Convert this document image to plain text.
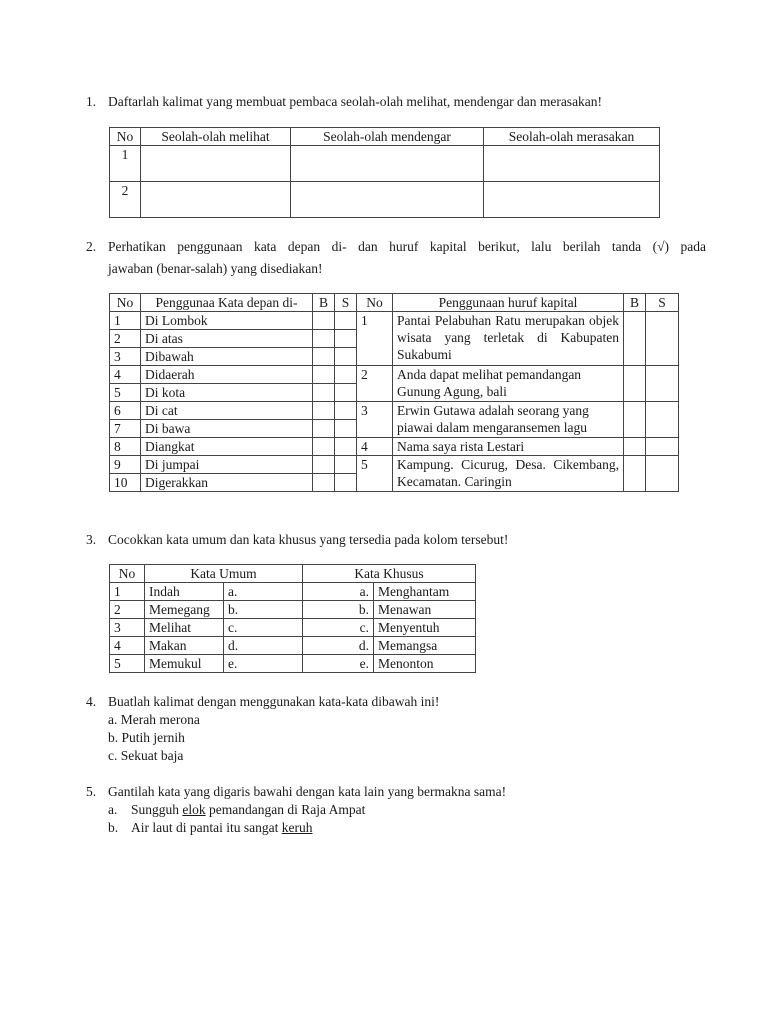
1. Daftarlah kalimat yang membuat pembaca seolah-olah melihat, mendengar dan merasakan!
No	Seolah-olah melihat	Seolah-olah mendengar	Seolah-olah merasakan
1			
2			
2. Perhatikan penggunaan kata depan di- dan huruf kapital berikut, lalu berilah tanda (√) pada
jawaban (benar-salah) yang disediakan!
No	Penggunaa Kata depan di-	B	S	No	Penggunaan huruf kapital	B	S
1	Di Lombok			1	Pantai Pelabuhan Ratu merupakan objek wisata yang terletak di Kabupaten Sukabumi		
2	Di atas						
3	Dibawah						
4	Didaerah			2	Anda dapat melihat pemandangan Gunung Agung, bali		
5	Di kota						
6	Di cat			3	Erwin Gutawa adalah seorang yang piawai dalam mengaransemen lagu		
7	Di bawa						
8	Diangkat			4	Nama saya rista Lestari		
9	Di jumpai			5	Kampung. Cicurug, Desa. Cikembang, Kecamatan. Caringin		
10	Digerakkan						
3. Cocokkan kata umum dan kata khusus yang tersedia pada kolom tersebut!
No	Kata Umum		Kata Khusus	
1	Indah	a.	a.	Menghantam
2	Memegang	b.	b.	Menawan
3	Melihat	c.	c.	Menyentuh
4	Makan	d.	d.	Memangsa
5	Memukul	e.	e.	Menonton
4. Buatlah kalimat dengan menggunakan kata-kata dibawah ini!
a. Merah merona
b. Putih jernih
c. Sekuat baja
5. Gantilah kata yang digaris bawahi dengan kata lain yang bermakna sama!
a. Sungguh elok pemandangan di Raja Ampat
b. Air laut di pantai itu sangat keruh
